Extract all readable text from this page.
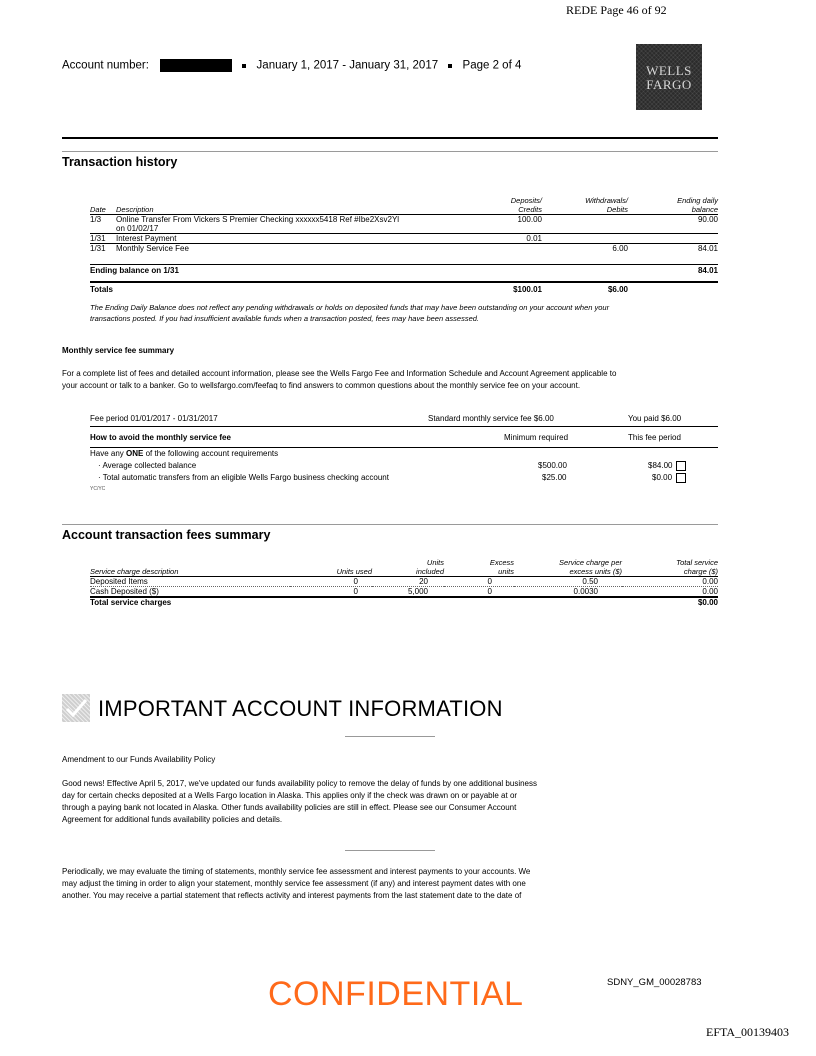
REDE Page 46 of 92
Account number:	January 1, 2017 - January 31, 2017 Page 2 of 4	WELLS
FARGO
Transaction history
		Deposits/	Withdrawals/	Ending daily
Date	Description	Credits	Debits	balance
1/3	Online Transfer From Vickers S Premier Checking xxxxxx5418 Ref #Ibe2Xsv2Yl
on 01/02/17	100.00		90.00
1/31	Interest Payment	0.01		
1/31	Monthly Service Fee		6.00	84.01
Ending balance on 1/31	84.01
Totals	$100.01	$6.00
The Ending Daily Balance does not reflect any pending withdrawals or holds on deposited funds that may have been outstanding on your account when your
transactions posted. If you had insufficient available funds when a transaction posted, fees may have been assessed.
Monthly service fee summary
For a complete list of fees and detailed account information, please see the Wells Fargo Fee and Information Schedule and Account Agreement applicable to
your account or talk to a banker. Go to wellsfargo.com/feefaq to find answers to common questions about the monthly service fee on your account.
Fee period 01/01/2017 - 01/31/2017	Standard monthly service fee $6.00	You paid $6.00
How to avoid the monthly service fee	Minimum required	This fee period
Have any ONE of the following account requirements
· Average collected balance	$500.00	$84.00
· Total automatic transfers from an eligible Wells Fargo business checking account	$25.00	$0.00
YC/YC
Account transaction fees summary
		Units	Excess	Service charge per	Total service
Service charge description	Units used	included	units	excess units ($)	charge ($)
Deposited Items	0	20	0	0.50	0.00
Cash Deposited ($)	0	5,000	0	0.0030	0.00
Total service charges					$0.00
IMPORTANT ACCOUNT INFORMATION
Amendment to our Funds Availability Policy
Good news! Effective April 5, 2017, we've updated our funds availability policy to remove the delay of funds by one additional business
day for certain checks deposited at a Wells Fargo location in Alaska. This applies only if the check was drawn on or payable at or
through a paying bank not located in Alaska. Other funds availability policies are still in effect. Please see our Consumer Account
Agreement for additional funds availability policies and details.
Periodically, we may evaluate the timing of statements, monthly service fee assessment and interest payments to your accounts. We
may adjust the timing in order to align your statement, monthly service fee assessment (if any) and interest payment dates with one
another. You may receive a partial statement that reflects activity and interest payments from the last statement date to the date of
CONFIDENTIAL	SDNY_GM_00028783
EFTA_00139403
